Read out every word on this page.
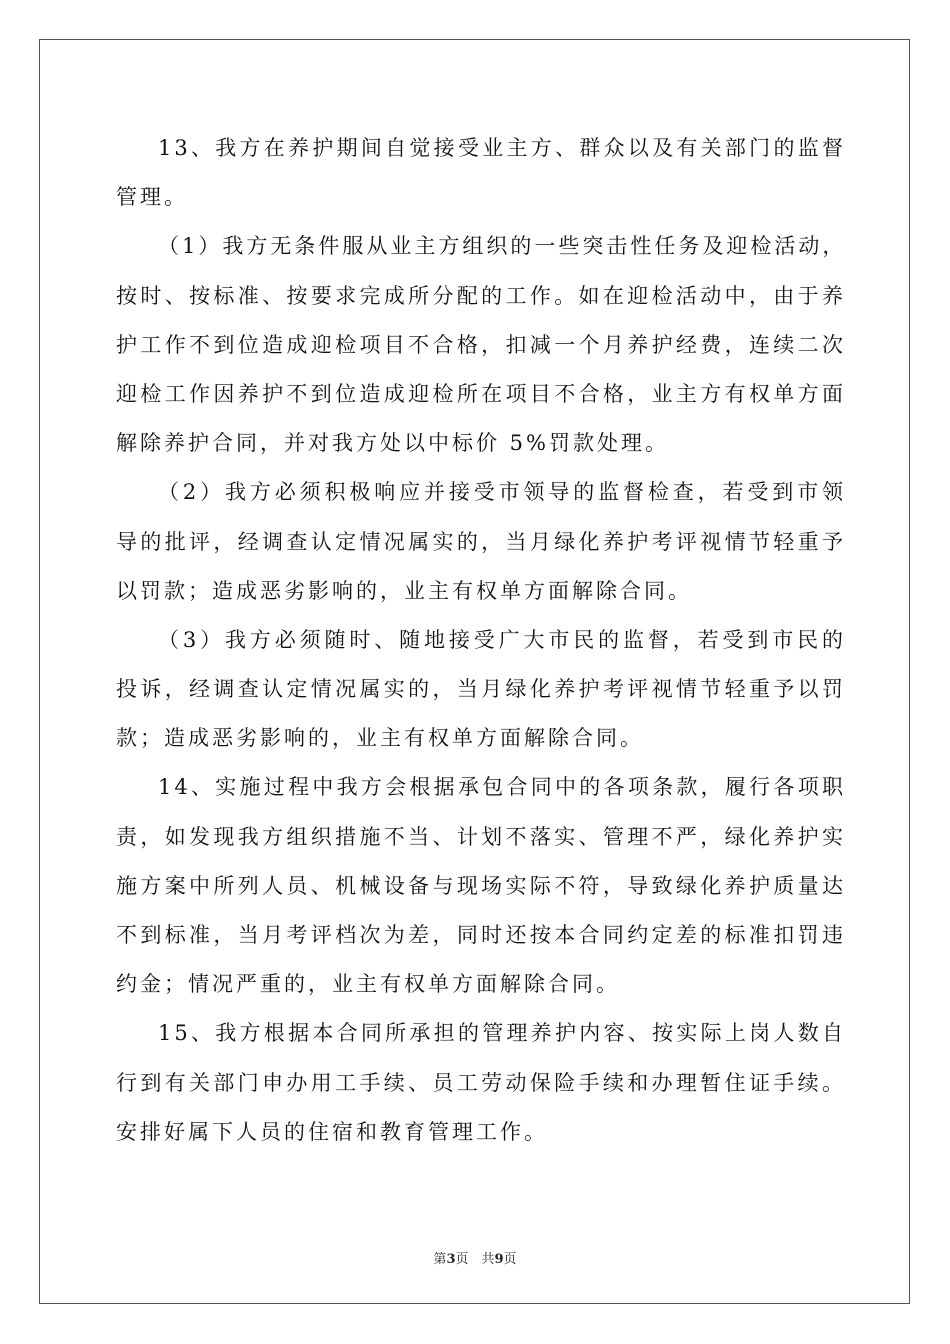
13、我方在养护期间自觉接受业主方、群众以及有关部门的监督
管理。
（1）我方无条件服从业主方组织的一些突击性任务及迎检活动，
按时、按标准、按要求完成所分配的工作。如在迎检活动中，由于养
护工作不到位造成迎检项目不合格，扣减一个月养护经费，连续二次
迎检工作因养护不到位造成迎检所在项目不合格，业主方有权单方面
解除养护合同，并对我方处以中标价 5%罚款处理。
（2）我方必须积极响应并接受市领导的监督检查，若受到市领
导的批评，经调查认定情况属实的，当月绿化养护考评视情节轻重予
以罚款；造成恶劣影响的，业主有权单方面解除合同。
（3）我方必须随时、随地接受广大市民的监督，若受到市民的
投诉，经调查认定情况属实的，当月绿化养护考评视情节轻重予以罚
款；造成恶劣影响的，业主有权单方面解除合同。
14、实施过程中我方会根据承包合同中的各项条款，履行各项职
责，如发现我方组织措施不当、计划不落实、管理不严，绿化养护实
施方案中所列人员、机械设备与现场实际不符，导致绿化养护质量达
不到标准，当月考评档次为差，同时还按本合同约定差的标准扣罚违
约金；情况严重的，业主有权单方面解除合同。
15、我方根据本合同所承担的管理养护内容、按实际上岗人数自
行到有关部门申办用工手续、员工劳动保险手续和办理暂住证手续。
安排好属下人员的住宿和教育管理工作。
第3页　共9页
